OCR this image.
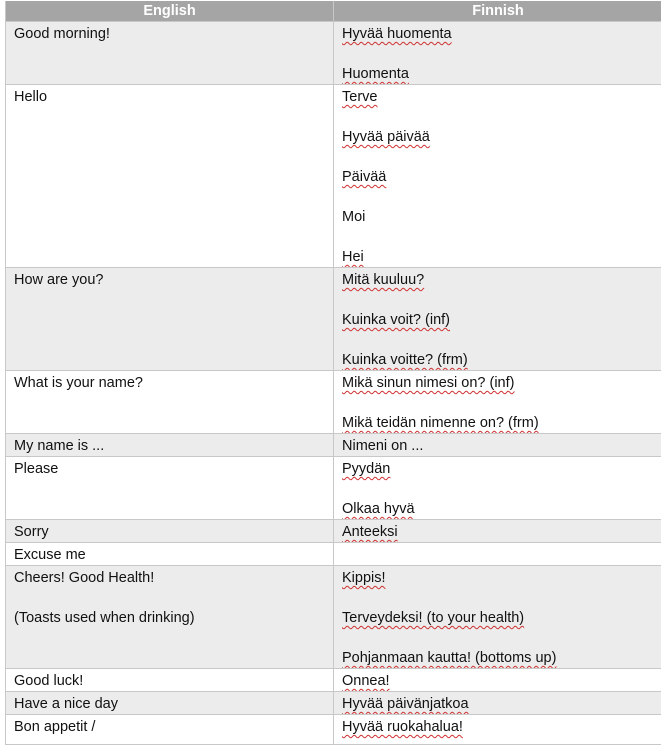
English	Finnish

Good morning!	Hyvää huomenta
Huomenta

Hello	Terve
Hyvää päivää
Päivää
Moi
Hei

How are you?	Mitä kuuluu?
Kuinka voit? (inf)
Kuinka voitte? (frm)

What is your name?	Mikä sinun nimesi on? (inf)
Mikä teidän nimenne on? (frm)

My name is ...	Nimeni on ...

Please	Pyydän
Olkaa hyvä

Sorry	Anteeksi

Excuse me	

Cheers! Good Health!
(Toasts used when drinking)	Kippis!
Terveydeksi! (to your health)
Pohjanmaan kautta! (bottoms up)

Good luck!	Onnea!

Have a nice day	Hyvää päivänjatkoa

Bon appetit /	Hyvää ruokahalua!
